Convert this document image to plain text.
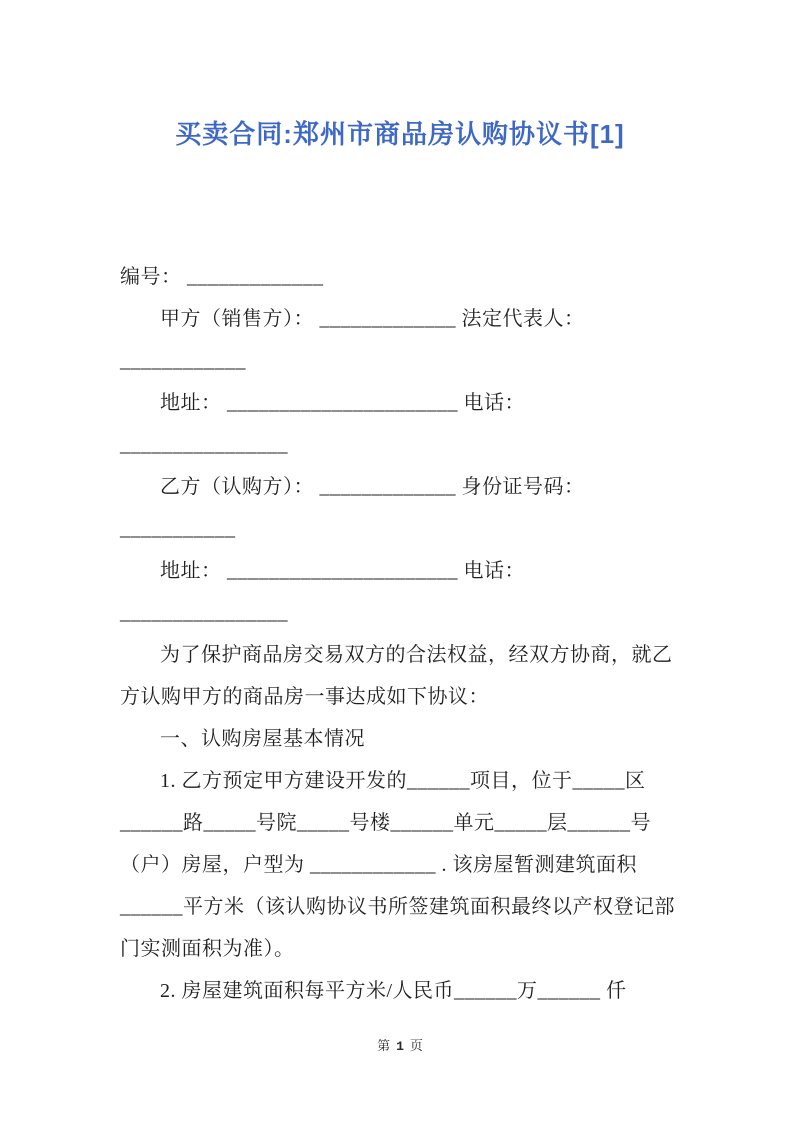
买卖合同:郑州市商品房认购协议书[1]
编号： _____________
甲方（销售方）： _____________ 法定代表人：
____________
地址： ______________________ 电话：
________________
乙方（认购方）： _____________ 身份证号码：
___________
地址： ______________________ 电话：
________________
为了保护商品房交易双方的合法权益，经双方协商，就乙
方认购甲方的商品房一事达成如下协议：
一、认购房屋基本情况
1. 乙方预定甲方建设开发的______项目，位于_____区
______路_____号院_____号楼______单元_____层______号
（户）房屋，户型为 ____________ . 该房屋暂测建筑面积
______平方米（该认购协议书所签建筑面积最终以产权登记部
门实测面积为准）。
2. 房屋建筑面积每平方米/人民币______万______ 仟
第 1 页
